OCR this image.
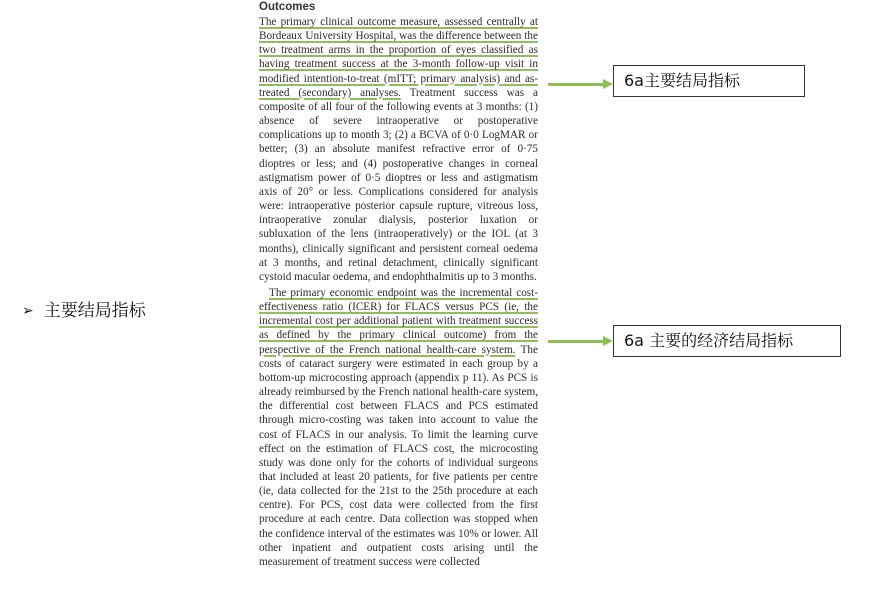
➢ 主要结局指标
Outcomes

The primary clinical outcome measure, assessed centrally at Bordeaux University Hospital, was the difference between the two treatment arms in the proportion of eyes classified as having treatment success at the 3-month follow-up visit in modified intention-to-treat (mITT; primary analysis) and as-treated (secondary) analyses. Treatment success was a composite of all four of the following events at 3 months: (1) absence of severe intraoperative or postoperative complications up to month 3; (2) a BCVA of 0·0 LogMAR or better; (3) an absolute manifest refractive error of 0·75 dioptres or less; and (4) postoperative changes in corneal astigmatism power of 0·5 dioptres or less and astigmatism axis of 20° or less. Complications considered for analysis were: intraoperative posterior capsule rupture, vitreous loss, intraoperative zonular dialysis, posterior luxation or subluxation of the lens (intraoperatively) or the IOL (at 3 months), clinically significant and persistent corneal oedema at 3 months, and retinal detachment, clinically significant cystoid macular oedema, and endophthalmitis up to 3 months.

The primary economic endpoint was the incremental cost-effectiveness ratio (ICER) for FLACS versus PCS (ie, the incremental cost per additional patient with treatment success as defined by the primary clinical outcome) from the perspective of the French national health-care system. The costs of cataract surgery were estimated in each group by a bottom-up microcosting approach (appendix p 11). As PCS is already reimbursed by the French national health-care system, the differential cost between FLACS and PCS estimated through micro-costing was taken into account to value the cost of FLACS in our analysis. To limit the learning curve effect on the estimation of FLACS cost, the microcosting study was done only for the cohorts of individual surgeons that included at least 20 patients, for five patients per centre (ie, data collected for the 21st to the 25th procedure at each centre). For PCS, cost data were collected from the first procedure at each centre. Data collection was stopped when the confidence interval of the estimates was 10% or lower. All other inpatient and outpatient costs arising until the measurement of treatment success were collected

6a主要结局指标
6a 主要的经济结局指标
